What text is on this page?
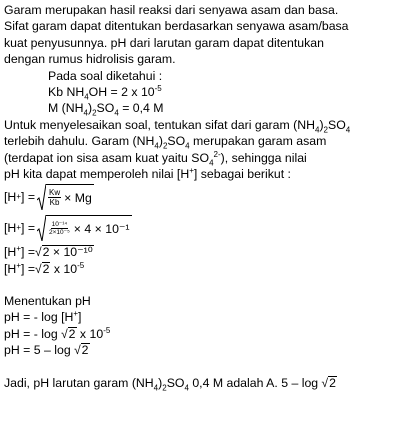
Garam merupakan hasil reaksi dari senyawa asam dan basa.
Sifat garam dapat ditentukan berdasarkan senyawa asam/basa
kuat penyusunnya. pH dari larutan garam dapat ditentukan
dengan rumus hidrolisis garam.
Pada soal diketahui :
Kb $NH_4OH = 2$ x $10^{-5}$
M $(NH_4)_2SO_4 = 0,4$ M
Untuk menyelesaikan soal, tentukan sifat dari garam $(NH_4)_2SO_4$
terlebih dahulu. Garam $(NH_4)_2SO_4$ merupakan garam asam
(terdapat ion sisa asam kuat yaitu $SO_4^{2-}$), sehingga nilai
pH kita dapat memperoleh nilai [H+] sebagai berikut :
[H + ] = $\frac{Kw}{Kb} \times Mg$
[H + ] = $\frac{\text{10⁻¹⁴}}{\text{2×10⁻⁵}} \times 4 \times 10^{-1}$
[H+] = √ 2 × 10⁻¹⁰
[H+] = √ 2 x $10^{-5}$
Menentukan pH
pH = - log [H+]
pH = - log √ 2 x $10^{-5}$
pH = 5 – log √ 2
Jadi, pH larutan garam $(NH_4)_2SO_4$ 0,4 M adalah A. 5 – log √ 2
